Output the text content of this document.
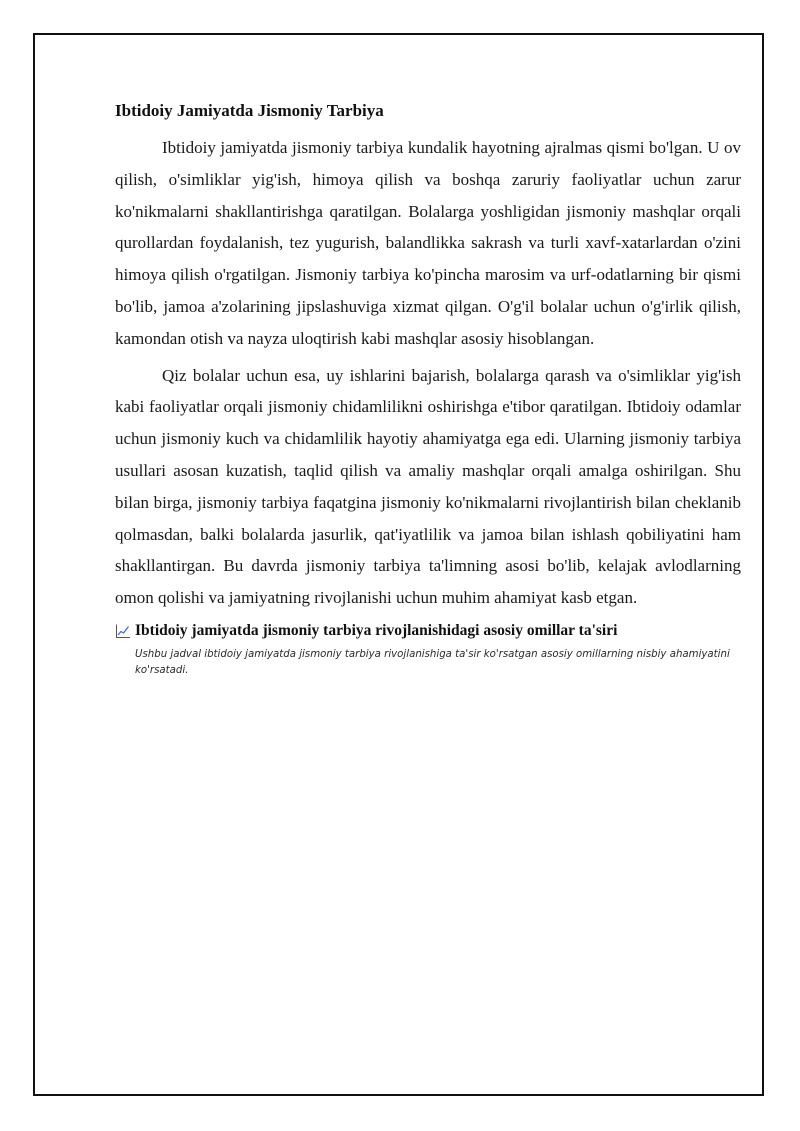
Ibtidoiy Jamiyatda Jismoniy Tarbiya

Ibtidoiy jamiyatda jismoniy tarbiya kundalik hayotning ajralmas qismi bo'lgan. U ov qilish, o'simliklar yig'ish, himoya qilish va boshqa zaruriy faoliyatlar uchun zarur ko'nikmalarni shakllantirishga qaratilgan. Bolalarga yoshligidan jismoniy mashqlar orqali qurollardan foydalanish, tez yugurish, balandlikka sakrash va turli xavf-xatarlardan o'zini himoya qilish o'rgatilgan. Jismoniy tarbiya ko'pincha marosim va urf-odatlarning bir qismi bo'lib, jamoa a'zolarining jipslashuviga xizmat qilgan. O'g'il bolalar uchun o'g'irlik qilish, kamondan otish va nayza uloqtirish kabi mashqlar asosiy hisoblangan.

Qiz bolalar uchun esa, uy ishlarini bajarish, bolalarga qarash va o'simliklar yig'ish kabi faoliyatlar orqali jismoniy chidamlilikni oshirishga e'tibor qaratilgan. Ibtidoiy odamlar uchun jismoniy kuch va chidamlilik hayotiy ahamiyatga ega edi. Ularning jismoniy tarbiya usullari asosan kuzatish, taqlid qilish va amaliy mashqlar orqali amalga oshirilgan. Shu bilan birga, jismoniy tarbiya faqatgina jismoniy ko'nikmalarni rivojlantirish bilan cheklanib qolmasdan, balki bolalarda jasurlik, qat'iyatlilik va jamoa bilan ishlash qobiliyatini ham shakllantirgan. Bu davrda jismoniy tarbiya ta'limning asosi bo'lib, kelajak avlodlarning omon qolishi va jamiyatning rivojlanishi uchun muhim ahamiyat kasb etgan.

Ibtidoiy jamiyatda jismoniy tarbiya rivojlanishidagi asosiy omillar ta'siri
Ushbu jadval ibtidoiy jamiyatda jismoniy tarbiya rivojlanishiga ta'sir ko'rsatgan asosiy omillarning nisbiy ahamiyatini ko'rsatadi.
